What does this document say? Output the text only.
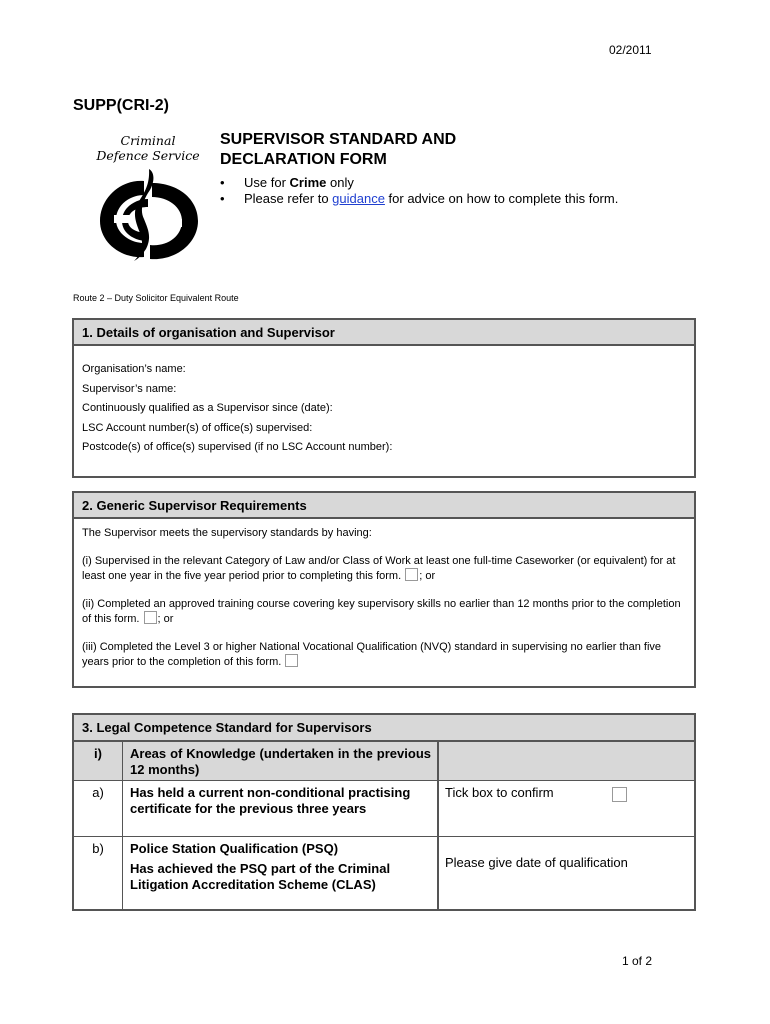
02/2011
SUPP(CRI-2)
Criminal
Defence Service
SUPERVISOR STANDARD AND
DECLARATION FORM
• Use for Crime only
• Please refer to guidance for advice on how to complete this form.
Route 2 – Duty Solicitor Equivalent Route
1. Details of organisation and Supervisor
Organisation’s name:
Supervisor’s name:
Continuously qualified as a Supervisor since (date):
LSC Account number(s) of office(s) supervised:
Postcode(s) of office(s) supervised (if no LSC Account number):
2. Generic Supervisor Requirements

The Supervisor meets the supervisory standards by having:

(i) Supervised in the relevant Category of Law and/or Class of Work at least one full-time Caseworker (or equivalent) for at least one year in the five year period prior to completing this form. ; or

(ii) Completed an approved training course covering key supervisory skills no earlier than 12 months prior to the completion of this form. ; or

(iii) Completed the Level 3 or higher National Vocational Qualification (NVQ) standard in supervising no earlier than five years prior to the completion of this form.

3. Legal Competence Standard for Supervisors
i)	Areas of Knowledge (undertaken in the previous 12 months)	
a)	Has held a current non-conditional practising certificate for the previous three years	Tick box to confirm

b)	Police Station Qualification (PSQ)
Has achieved the PSQ part of the Criminal Litigation Accreditation Scheme (CLAS)	Please give date of qualification
1 of 2
